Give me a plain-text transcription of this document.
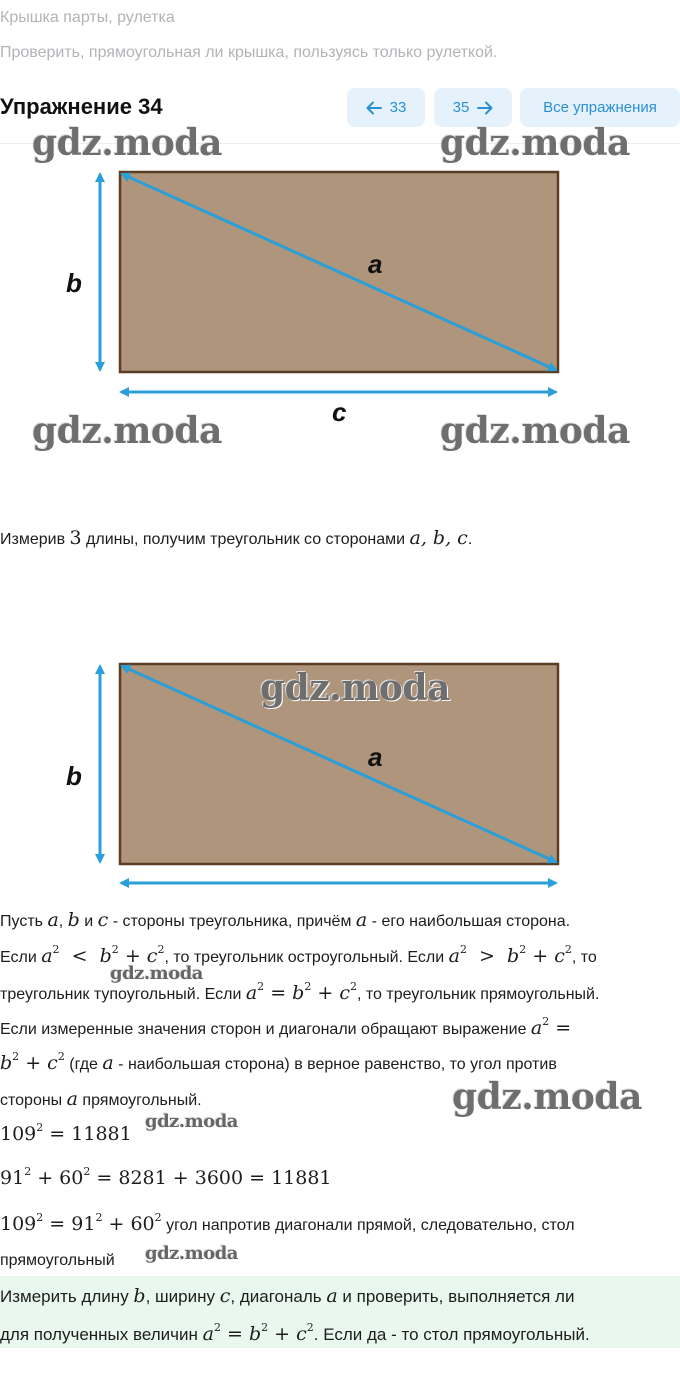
Крышка парты, рулетка
Проверить, прямоугольная ли крышка, пользуясь только рулеткой.
Упражнение 34	33	35	Все упражнения
a
b
c
gdz.moda	gdz.moda
gdz.moda	gdz.moda
Измерив 3 длины, получим треугольник со сторонами a, b, c.
a
b
gdz.moda
Пусть a, b и c - стороны треугольника, причём a - его наибольшая сторона.
Если $a^2 < b^2 + c^2$, то треугольник остроугольный. Если $a^2 > b^2 + c^2$, то
gdz.moda
треугольник тупоугольный. Если $a^2 = b^2 + c^2$, то треугольник прямоугольный.
Если измеренные значения сторон и диагонали обращают выражение $a^2$ =
$b^2 + c^2$ (где a - наибольшая сторона) в верное равенство, то угол против
стороны a прямоугольный.	gdz.moda
$109^2 = 11881$
gdz.moda
$91^2 + 60^2 = 8281 + 3600 = 11881$
$109^2 = 91^2 + 60^2$ угол напротив диагонали прямой, следовательно, стол
прямоугольный gdz.moda
Измерить длину b, ширину c, диагональ a и проверить, выполняется ли
для полученных величин $a^2 = b^2 + c^2$. Если да - то стол прямоугольный.
